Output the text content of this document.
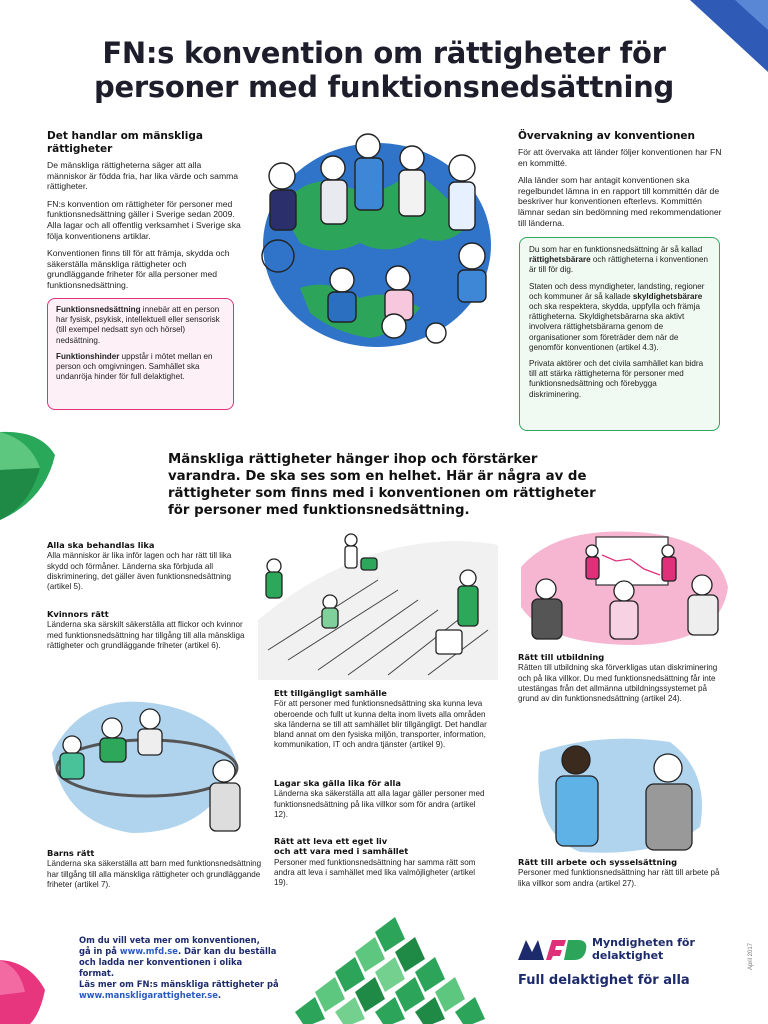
FN:s konvention om rättigheter för
personer med funktionsnedsättning
Det handlar om mänskliga rättigheter
De mänskliga rättigheterna säger att alla människor är födda fria, har lika värde och samma rättigheter.
FN:s konvention om rättigheter för personer med funktionsnedsättning gäller i Sverige sedan 2009. Alla lagar och all offentlig verksamhet i Sverige ska följa konventionens artiklar.
Konventionen finns till för att främja, skydda och säkerställa mänskliga rättigheter och grundläggande friheter för alla personer med funktionsnedsättning.
Funktionsnedsättning innebär att en person har fysisk, psykisk, intellektuell eller sensorisk (till exempel nedsatt syn och hörsel) nedsättning.
Funktionshinder uppstår i mötet mellan en person och omgivningen. Samhället ska undanröja hinder för full delaktighet.
Övervakning av konventionen
För att övervaka att länder följer konventionen har FN en kommitté.
Alla länder som har antagit konventionen ska regelbundet lämna in en rapport till kommittén där de beskriver hur konventionen efterlevs. Kommittén lämnar sedan sin bedömning med rekommendationer till länderna.
Du som har en funktionsnedsättning är så kallad rättighetsbärare och rättigheterna i konventionen är till för dig.
Staten och dess myndigheter, landsting, regioner och kommuner är så kallade skyldighetsbärare och ska respektera, skydda, uppfylla och främja rättigheterna. Skyldighetsbärarna ska aktivt involvera rättighetsbärarna genom de organisationer som företräder dem när de genomför konventionen (artikel 4.3).
Privata aktörer och det civila samhället kan bidra till att stärka rättigheterna för personer med funktionsnedsättning och förebygga diskriminering.
Mänskliga rättigheter hänger ihop och förstärker varandra. De ska ses som en helhet. Här är några av de rättigheter som finns med i konventionen om rättigheter för personer med funktionsnedsättning.
Alla ska behandlas lika
Alla människor är lika inför lagen och har rätt till lika skydd och förmåner. Länderna ska förbjuda all diskriminering, det gäller även funktionsnedsättning (artikel 5).
Kvinnors rätt
Länderna ska särskilt säkerställa att flickor och kvinnor med funktionsnedsättning har tillgång till alla mänskliga rättigheter och grundläggande friheter (artikel 6).
Barns rätt
Länderna ska säkerställa att barn med funktionsnedsättning har tillgång till alla mänskliga rättigheter och grundläggande friheter (artikel 7).
Ett tillgängligt samhälle
För att personer med funktionsnedsättning ska kunna leva oberoende och fullt ut kunna delta inom livets alla områden ska länderna se till att samhället blir tillgängligt. Det handlar bland annat om den fysiska miljön, transporter, information, kommunikation, IT och andra tjänster (artikel 9).
Lagar ska gälla lika för alla
Länderna ska säkerställa att alla lagar gäller personer med funktionsnedsättning på lika villkor som för andra (artikel 12).
Rätt att leva ett eget liv
och att vara med i samhället
Personer med funktionsnedsättning har samma rätt som andra att leva i samhället med lika valmöjligheter (artikel 19).
Rätt till utbildning
Rätten till utbildning ska förverkligas utan diskriminering och på lika villkor. Du med funktionsnedsättning får inte utestängas från det allmänna utbildningssystemet på grund av din funktionsnedsättning (artikel 24).
Rätt till arbete och sysselsättning
Personer med funktionsnedsättning har rätt till arbete på lika villkor som andra (artikel 27).
Om du vill veta mer om konventionen,
gå in på www.mfd.se. Där kan du beställa
och ladda ner konventionen i olika format.
Läs mer om FN:s mänskliga rättigheter på
www.manskligarattigheter.se.
Myndigheten för
delaktighet
Full delaktighet för alla
April 2017
